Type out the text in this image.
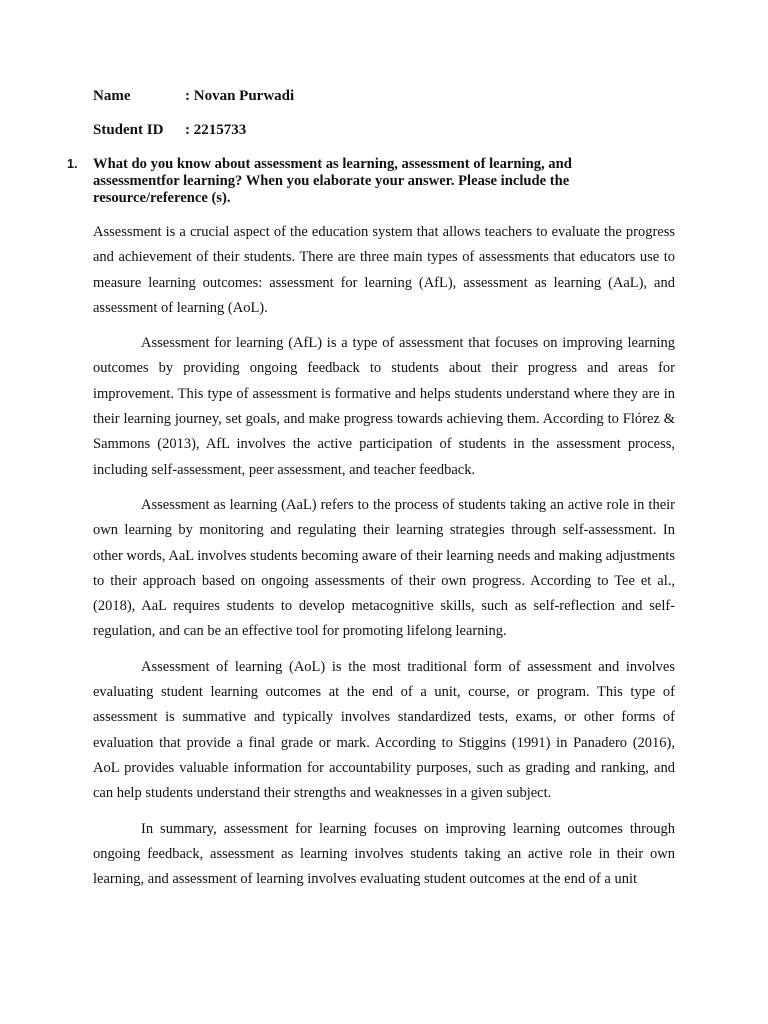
Name	: Novan Purwadi
Student ID : 2215733
1. What do you know about assessment as learning, assessment of learning, and assessmentfor learning? When you elaborate your answer. Please include the resource/reference (s).

Assessment is a crucial aspect of the education system that allows teachers to evaluate the progress and achievement of their students. There are three main types of assessments that educators use to measure learning outcomes: assessment for learning (AfL), assessment as learning (AaL), and assessment of learning (AoL).

Assessment for learning (AfL) is a type of assessment that focuses on improving learning outcomes by providing ongoing feedback to students about their progress and areas for improvement. This type of assessment is formative and helps students understand where they are in their learning journey, set goals, and make progress towards achieving them. According to Flórez & Sammons (2013), AfL involves the active participation of students in the assessment process, including self-assessment, peer assessment, and teacher feedback.

Assessment as learning (AaL) refers to the process of students taking an active role in their own learning by monitoring and regulating their learning strategies through self-assessment. In other words, AaL involves students becoming aware of their learning needs and making adjustments to their approach based on ongoing assessments of their own progress. According to Tee et al., (2018), AaL requires students to develop metacognitive skills, such as self-reflection and self-regulation, and can be an effective tool for promoting lifelong learning.

Assessment of learning (AoL) is the most traditional form of assessment and involves evaluating student learning outcomes at the end of a unit, course, or program. This type of assessment is summative and typically involves standardized tests, exams, or other forms of evaluation that provide a final grade or mark. According to Stiggins (1991) in Panadero (2016), AoL provides valuable information for accountability purposes, such as grading and ranking, and can help students understand their strengths and weaknesses in a given subject.

In summary, assessment for learning focuses on improving learning outcomes through ongoing feedback, assessment as learning involves students taking an active role in their own learning, and assessment of learning involves evaluating student outcomes at the end of a unit
